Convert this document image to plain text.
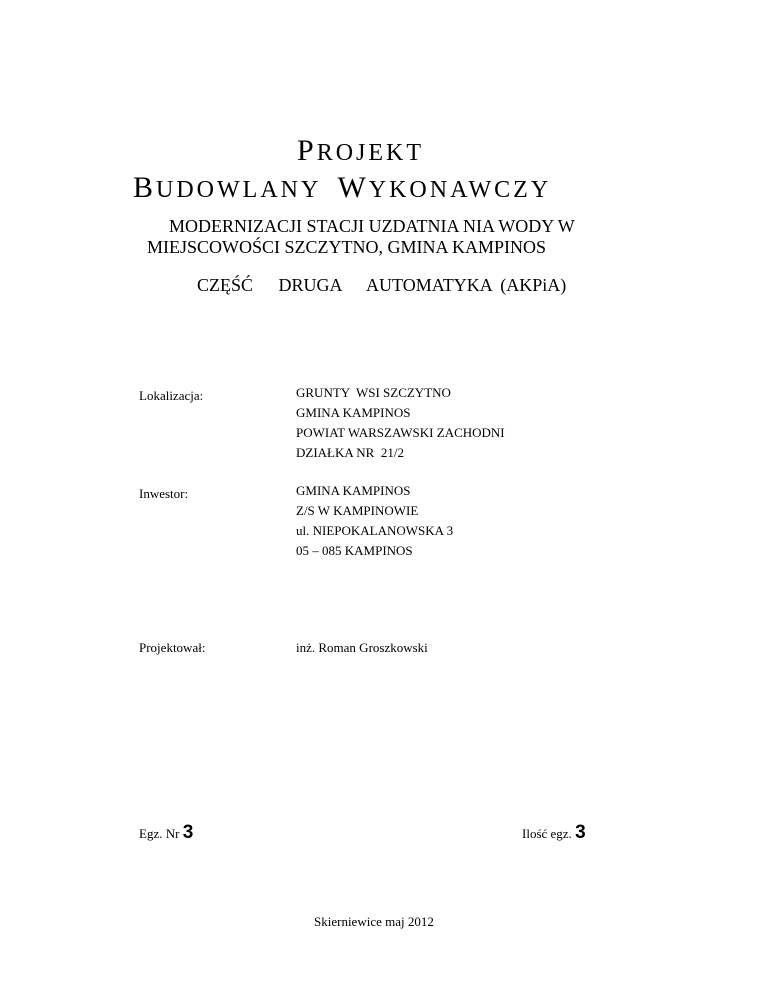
PROJEKT
BUDOWLANY WYKONAWCZY
MODERNIZACJI STACJI UZDATNIA NIA WODY W
MIEJSCOWOŚCI SZCZYTNO, GMINA KAMPINOS
CZĘŚĆ   DRUGA   AUTOMATYKA (AKPiA)
Lokalizacja:	GRUNTY  WSI SZCZYTNO
GMINA KAMPINOS
POWIAT WARSZAWSKI ZACHODNI
DZIAŁKA NR  21/2
Inwestor:	GMINA KAMPINOS
Z/S W KAMPINOWIE
ul. NIEPOKALANOWSKA 3
05 – 085 KAMPINOS
Projektował:	inż. Roman Groszkowski
Egz. Nr 3	Ilość egz. 3
Skierniewice maj 2012
